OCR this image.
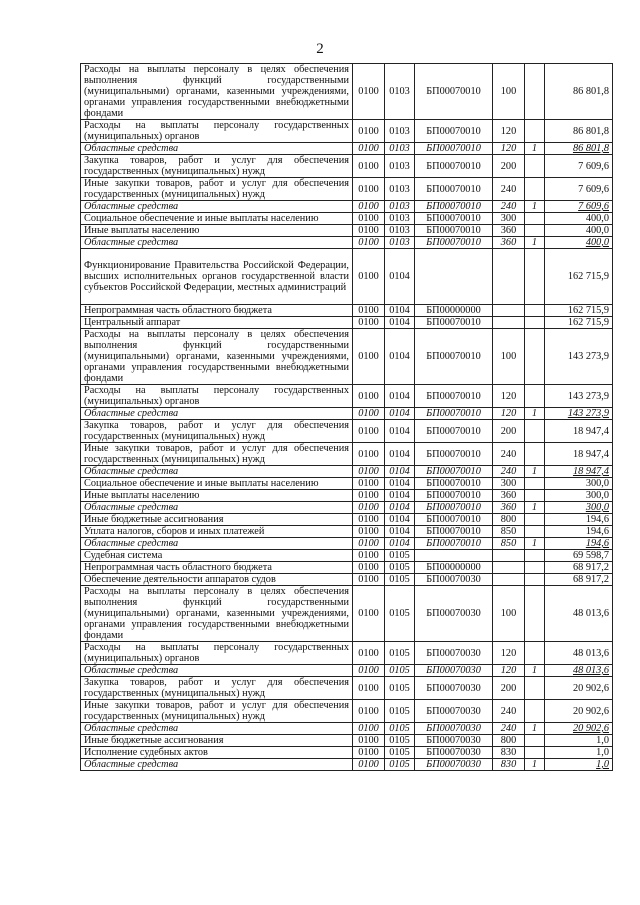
2
Расходы на выплаты персоналу в целях обеспечения выполнения функций государственными (муниципальными) органами, казенными учреждениями, органами управления государственными внебюджетными фондами	0100	0103	БП00070010	100		86 801,8
Расходы на выплаты персоналу государственных (муниципальных) органов	0100	0103	БП00070010	120		86 801,8
Областные средства	0100	0103	БП00070010	120	1	86 801,8
Закупка товаров, работ и услуг для обеспечения государственных (муниципальных) нужд	0100	0103	БП00070010	200		7 609,6
Иные закупки товаров, работ и услуг для обеспечения государственных (муниципальных) нужд	0100	0103	БП00070010	240		7 609,6
Областные средства	0100	0103	БП00070010	240	1	7 609,6
Социальное обеспечение и иные выплаты населению	0100	0103	БП00070010	300		400,0
Иные выплаты населению	0100	0103	БП00070010	360		400,0
Областные средства	0100	0103	БП00070010	360	1	400,0
Функционирование Правительства Российской Федерации, высших исполнительных органов государственной власти субъектов Российской Федерации, местных администраций	0100	0104				162 715,9
Непрограммная часть областного бюджета	0100	0104	БП00000000			162 715,9
Центральный аппарат	0100	0104	БП00070010			162 715,9
Расходы на выплаты персоналу в целях обеспечения выполнения функций государственными (муниципальными) органами, казенными учреждениями, органами управления государственными внебюджетными фондами	0100	0104	БП00070010	100		143 273,9
Расходы на выплаты персоналу государственных (муниципальных) органов	0100	0104	БП00070010	120		143 273,9
Областные средства	0100	0104	БП00070010	120	1	143 273,9
Закупка товаров, работ и услуг для обеспечения государственных (муниципальных) нужд	0100	0104	БП00070010	200		18 947,4
Иные закупки товаров, работ и услуг для обеспечения государственных (муниципальных) нужд	0100	0104	БП00070010	240		18 947,4
Областные средства	0100	0104	БП00070010	240	1	18 947,4
Социальное обеспечение и иные выплаты населению	0100	0104	БП00070010	300		300,0
Иные выплаты населению	0100	0104	БП00070010	360		300,0
Областные средства	0100	0104	БП00070010	360	1	300,0
Иные бюджетные ассигнования	0100	0104	БП00070010	800		194,6
Уплата налогов, сборов и иных платежей	0100	0104	БП00070010	850		194,6
Областные средства	0100	0104	БП00070010	850	1	194,6
Судебная система	0100	0105				69 598,7
Непрограммная часть областного бюджета	0100	0105	БП00000000			68 917,2
Обеспечение деятельности аппаратов судов	0100	0105	БП00070030			68 917,2
Расходы на выплаты персоналу в целях обеспечения выполнения функций государственными (муниципальными) органами, казенными учреждениями, органами управления государственными внебюджетными фондами	0100	0105	БП00070030	100		48 013,6
Расходы на выплаты персоналу государственных (муниципальных) органов	0100	0105	БП00070030	120		48 013,6
Областные средства	0100	0105	БП00070030	120	1	48 013,6
Закупка товаров, работ и услуг для обеспечения государственных (муниципальных) нужд	0100	0105	БП00070030	200		20 902,6
Иные закупки товаров, работ и услуг для обеспечения государственных (муниципальных) нужд	0100	0105	БП00070030	240		20 902,6
Областные средства	0100	0105	БП00070030	240	1	20 902,6
Иные бюджетные ассигнования	0100	0105	БП00070030	800		1,0
Исполнение судебных актов	0100	0105	БП00070030	830		1,0
Областные средства	0100	0105	БП00070030	830	1	1,0
